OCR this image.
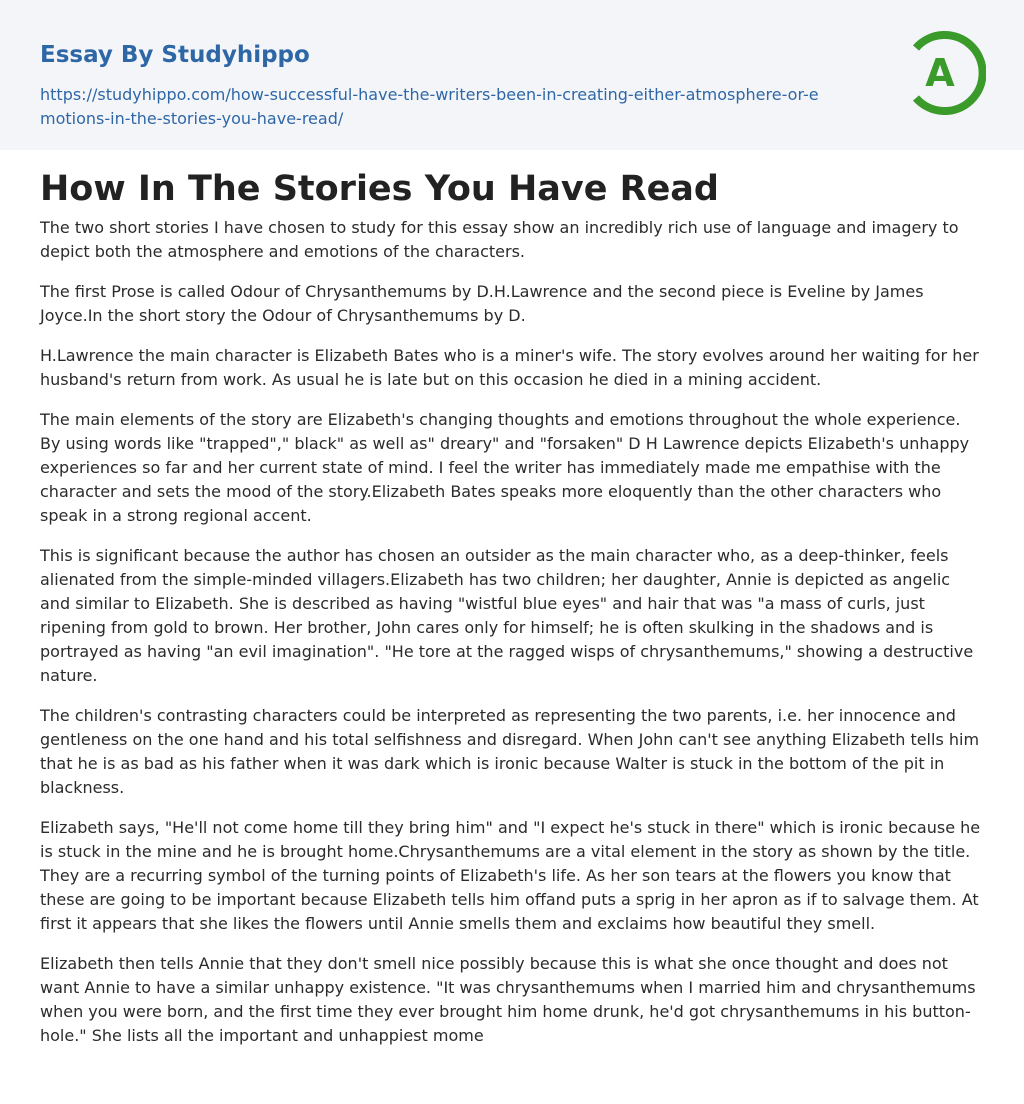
Essay By Studyhippo
https://studyhippo.com/how-successful-have-the-writers-been-in-creating-either-atmosphere-or-emotions-in-the-stories-you-have-read/
A
How In The Stories You Have Read

The two short stories I have chosen to study for this essay show an incredibly rich use of language and imagery to depict both the atmosphere and emotions of the characters.

The first Prose is called Odour of Chrysanthemums by D.H.Lawrence and the second piece is Eveline by James Joyce.In the short story the Odour of Chrysanthemums by D.

H.Lawrence the main character is Elizabeth Bates who is a miner's wife. The story evolves around her waiting for her husband's return from work. As usual he is late but on this occasion he died in a mining accident.

The main elements of the story are Elizabeth's changing thoughts and emotions throughout the whole experience. By using words like "trapped"," black" as well as" dreary" and "forsaken" D H Lawrence depicts Elizabeth's unhappy experiences so far and her current state of mind. I feel the writer has immediately made me empathise with the character and sets the mood of the story.Elizabeth Bates speaks more eloquently than the other characters who speak in a strong regional accent.

This is significant because the author has chosen an outsider as the main character who, as a deep-thinker, feels alienated from the simple-minded villagers.Elizabeth has two children; her daughter, Annie is depicted as angelic and similar to Elizabeth. She is described as having "wistful blue eyes" and hair that was "a mass of curls, just ripening from gold to brown. Her brother, John cares only for himself; he is often skulking in the shadows and is portrayed as having "an evil imagination". "He tore at the ragged wisps of chrysanthemums," showing a destructive nature.

The children's contrasting characters could be interpreted as representing the two parents, i.e. her innocence and gentleness on the one hand and his total selfishness and disregard. When John can't see anything Elizabeth tells him that he is as bad as his father when it was dark which is ironic because Walter is stuck in the bottom of the pit in blackness.

Elizabeth says, "He'll not come home till they bring him" and "I expect he's stuck in there" which is ironic because he is stuck in the mine and he is brought home.Chrysanthemums are a vital element in the story as shown by the title. They are a recurring symbol of the turning points of Elizabeth's life. As her son tears at the flowers you know that these are going to be important because Elizabeth tells him offand puts a sprig in her apron as if to salvage them. At first it appears that she likes the flowers until Annie smells them and exclaims how beautiful they smell.

Elizabeth then tells Annie that they don't smell nice possibly because this is what she once thought and does not want Annie to have a similar unhappy existence. "It was chrysanthemums when I married him and chrysanthemums when you were born, and the first time they ever brought him home drunk, he'd got chrysanthemums in his button-hole." She lists all the important and unhappiest mome
